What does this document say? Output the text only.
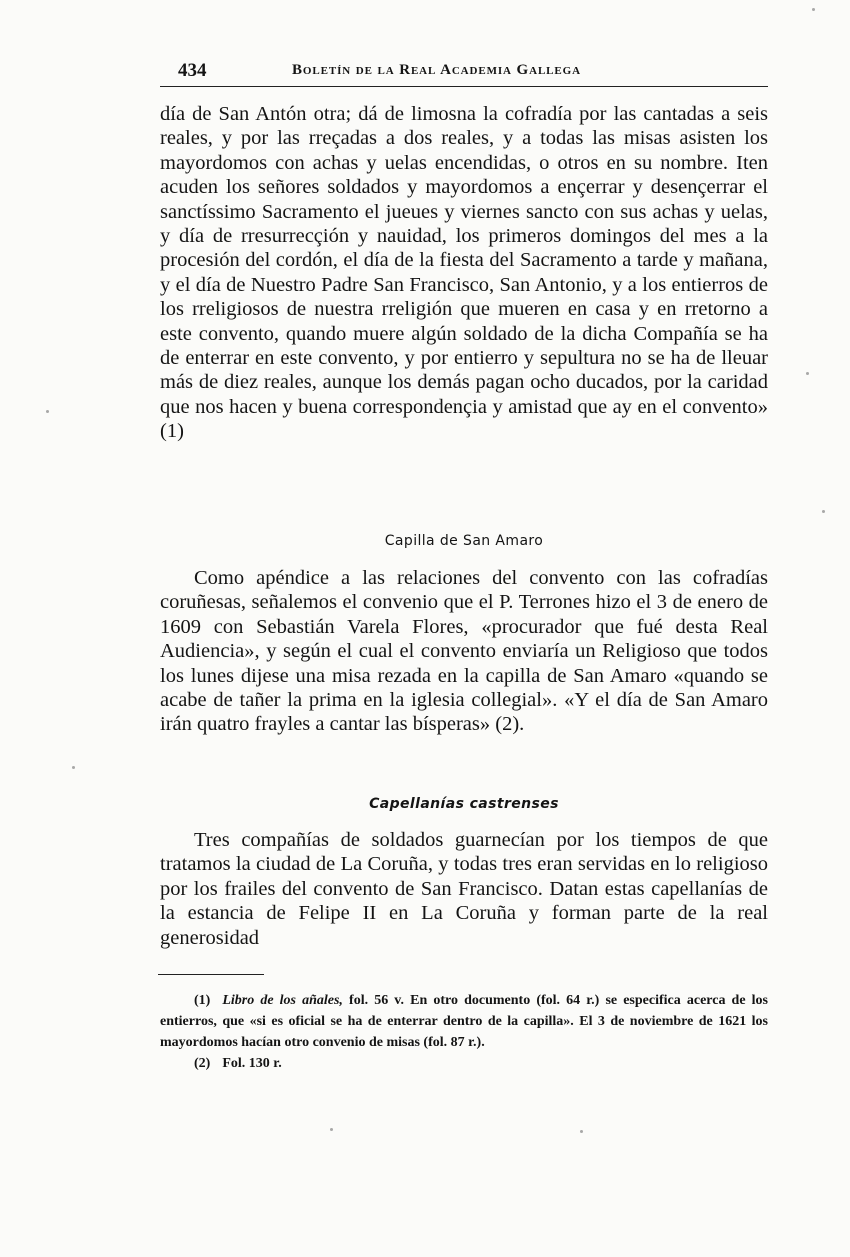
434	Boletín de la Real Academia Gallega

día de San Antón otra; dá de limosna la cofradía por las cantadas a seis reales, y por las rreçadas a dos reales, y a todas las misas asisten los mayordomos con achas y uelas encendidas, o otros en su nombre. Iten acuden los señores soldados y mayordomos a ençerrar y desençerrar el sanctíssimo Sacramento el jueues y viernes sancto con sus achas y uelas, y día de rresurrecçión y nauidad, los primeros domingos del mes a la procesión del cordón, el día de la fiesta del Sacramento a tarde y mañana, y el día de Nuestro Padre San Francisco, San Antonio, y a los entierros de los rreligiosos de nuestra rreligión que mueren en casa y en rretorno a este convento, quando muere algún soldado de la dicha Compañía se ha de enterrar en este convento, y por entierro y sepultura no se ha de lleuar más de diez reales, aunque los demás pagan ocho ducados, por la caridad que nos hacen y buena correspondençia y amistad que ay en el convento» (1)

Capilla de San Amaro

Como apéndice a las relaciones del convento con las cofradías coruñesas, señalemos el convenio que el P. Terrones hizo el 3 de enero de 1609 con Sebastián Varela Flores, «procurador que fué desta Real Audiencia», y según el cual el convento enviaría un Religioso que todos los lunes dijese una misa rezada en la capilla de San Amaro «quando se acabe de tañer la prima en la iglesia collegial». «Y el día de San Amaro irán quatro frayles a cantar las bísperas» (2).

Capellanías castrenses

Tres compañías de soldados guarnecían por los tiempos de que tratamos la ciudad de La Coruña, y todas tres eran servidas en lo religioso por los frailes del convento de San Francisco. Datan estas capellanías de la estancia de Felipe II en La Coruña y forman parte de la real generosidad

(1) Libro de los añales, fol. 56 v. En otro documento (fol. 64 r.) se especifica acerca de los entierros, que «si es oficial se ha de enterrar dentro de la capilla». El 3 de noviembre de 1621 los mayordomos hacían otro convenio de misas (fol. 87 r.).

(2) Fol. 130 r.
